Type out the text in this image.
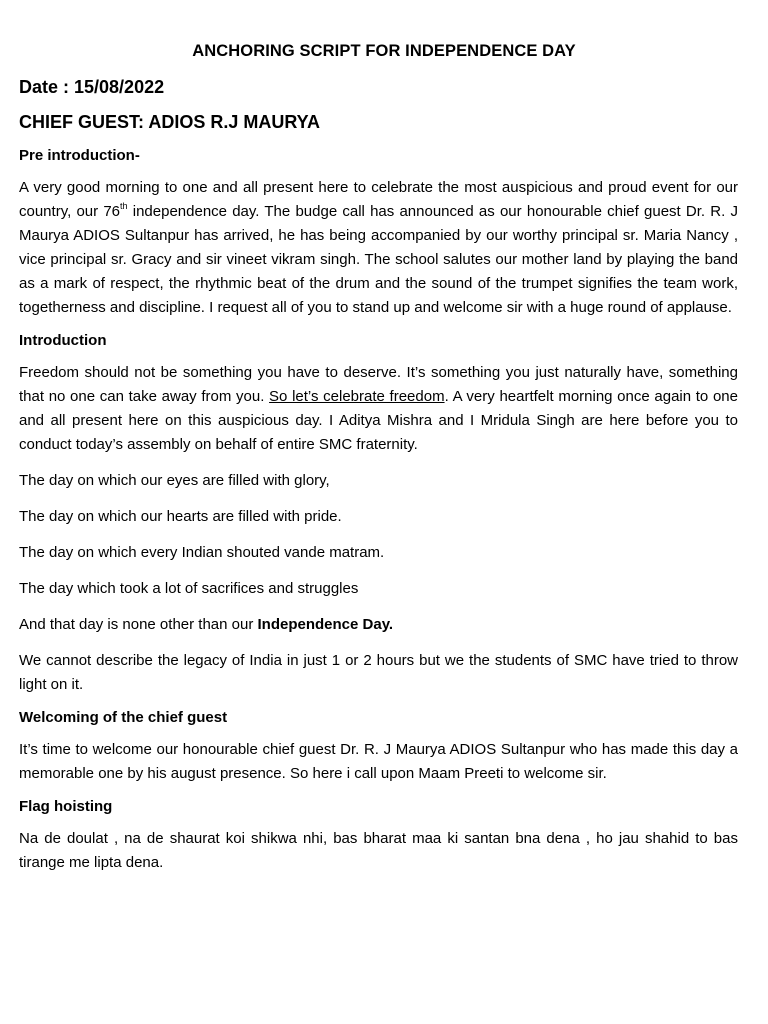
ANCHORING SCRIPT FOR INDEPENDENCE DAY
Date : 15/08/2022
CHIEF GUEST: ADIOS R.J MAURYA
Pre introduction-

A very good morning to one and all present here to celebrate the most auspicious and proud event for our country, our 76th independence day. The budge call has announced as our honourable chief guest Dr. R. J Maurya ADIOS Sultanpur has arrived, he has being accompanied by our worthy principal sr. Maria Nancy , vice principal sr. Gracy and sir vineet vikram singh. The school salutes our mother land by playing the band as a mark of respect, the rhythmic beat of the drum and the sound of the trumpet signifies the team work, togetherness and discipline. I request all of you to stand up and welcome sir with a huge round of applause.

Introduction

Freedom should not be something you have to deserve. It’s something you just naturally have, something that no one can take away from you. So let’s celebrate freedom. A very heartfelt morning once again to one and all present here on this auspicious day. I Aditya Mishra and I Mridula Singh are here before you to conduct today’s assembly on behalf of entire SMC fraternity.

The day on which our eyes are filled with glory,
The day on which our hearts are filled with pride.
The day on which every Indian shouted vande matram.
The day which took a lot of sacrifices and struggles
And that day is none other than our Independence Day.

We cannot describe the legacy of India in just 1 or 2 hours but we the students of SMC have tried to throw light on it.

Welcoming of the chief guest

It’s time to welcome our honourable chief guest Dr. R. J Maurya ADIOS Sultanpur who has made this day a memorable one by his august presence. So here i call upon Maam Preeti to welcome sir.

Flag hoisting

Na de doulat , na de shaurat koi shikwa nhi, bas bharat maa ki santan bna dena , ho jau shahid to bas tirange me lipta dena.
